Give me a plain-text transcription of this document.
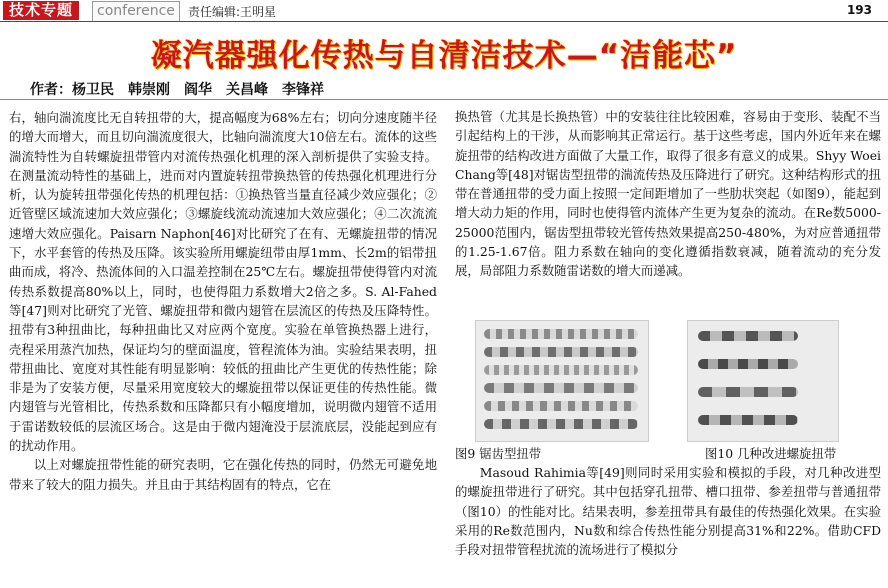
技术专题	conference	责任编辑:王明星	193
凝汽器强化传热与自清洁技术—“洁能芯”
作者：杨卫民　韩崇刚　阎华　关昌峰　李锋祥

右，轴向湍流度比无自转扭带的大，提高幅度为68%左右；切向分速度随半径的增大而增大，而且切向湍流度很大，比轴向湍流度大10倍左右。流体的这些湍流特性为自转螺旋扭带管内对流传热强化机理的深入剖析提供了实验支持。在测量流动特性的基础上，进而对内置旋转扭带换热管的传热强化机理进行分析，认为旋转扭带强化传热的机理包括：①换热管当量直径减少效应强化；②近管壁区域流速加大效应强化；③螺旋线流动流速加大效应强化；④二次流流速增大效应强化。Paisarn Naphon[46]对比研究了在有、无螺旋扭带的情况下，水平套管的传热及压降。该实验所用螺旋纽带由厚1mm、长2m的铝带扭曲而成，将冷、热流体间的入口温差控制在25℃左右。螺旋扭带使得管内对流传热系数提高80%以上，同时，也使得阻力系数增大2倍之多。S. Al-Fahed等[47]则对比研究了光管、螺旋扭带和微内翅管在层流区的传热及压降特性。扭带有3种扭曲比，每种扭曲比又对应两个宽度。实验在单管换热器上进行，壳程采用蒸汽加热，保证均匀的壁面温度，管程流体为油。实验结果表明，扭带扭曲比、宽度对其性能有明显影响：较低的扭曲比产生更优的传热性能；除非是为了安装方便，尽量采用宽度较大的螺旋扭带以保证更佳的传热性能。微内翅管与光管相比，传热系数和压降都只有小幅度增加，说明微内翅管不适用于雷诺数较低的层流区场合。这是由于微内翅淹没于层流底层，没能起到应有的扰动作用。

以上对螺旋扭带性能的研究表明，它在强化传热的同时，仍然无可避免地带来了较大的阻力损失。并且由于其结构固有的特点，它在

换热管（尤其是长换热管）中的安装往往比较困难，容易由于变形、装配不当引起结构上的干涉，从而影响其正常运行。基于这些考虑，国内外近年来在螺旋扭带的结构改进方面做了大量工作，取得了很多有意义的成果。Shyy Woei Chang等[48]对锯齿型扭带的湍流传热及压降进行了研究。这种结构形式的扭带在普通扭带的受力面上按照一定间距增加了一些肋状突起（如图9），能起到增大动力矩的作用，同时也使得管内流体产生更为复杂的流动。在Re数5000-25000范围内，锯齿型扭带较光管传热效果提高250-480%，为对应普通扭带的1.25-1.67倍。阻力系数在轴向的变化遵循指数衰减，随着流动的充分发展，局部阻力系数随雷诺数的增大而递减。

图9 锯齿型扭带	图10 几种改进螺旋扭带

Masoud Rahimia等[49]则同时采用实验和模拟的手段，对几种改进型的螺旋扭带进行了研究。其中包括穿孔扭带、槽口扭带、参差扭带与普通扭带（图10）的性能对比。结果表明，参差扭带具有最佳的传热强化效果。在实验采用的Re数范围内，Nu数和综合传热性能分别提高31%和22%。借助CFD手段对扭带管程扰流的流场进行了模拟分
